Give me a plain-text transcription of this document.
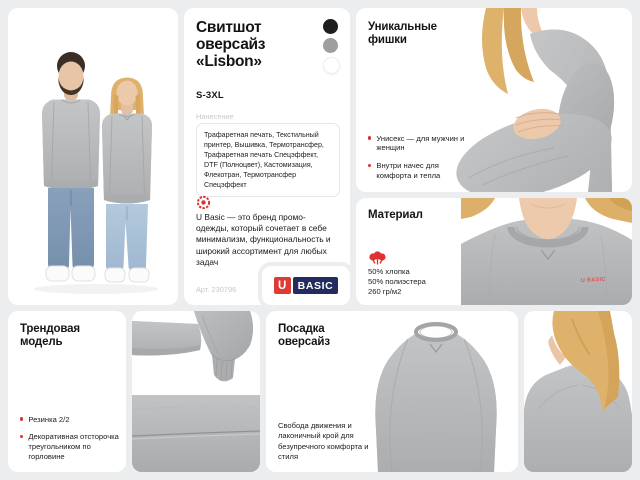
Свитшот
оверсайз
«Lisbon»
S-3XL
Нанесение
Трафаретная печать, Текстильный принтер, Вышивка, Термотрансфер, Трафаретная печать Спецэффект, DTF (Полноцвет), Кастомизация, Флекотран, Термотрансфер Спецэффект
U Basic — это бренд промо-одежды, который сочетает в себе минимализм, функциональность и широкий ассортимент для любых задач
Арт. 230796	U	BASIC
Уникальные фишки
Унисекс — для мужчин и женщин
Внутри начес для комфорта и тепла
U BASIC
Материал
50% хлопка
50% полиэстера
260 гр/м2
Трендовая модель
Резинка 2/2
Декоративная отсторочка треугольником по горловине
Посадка оверсайз
Свобода движения и лаконичный крой для безупречного комфорта и стиля
